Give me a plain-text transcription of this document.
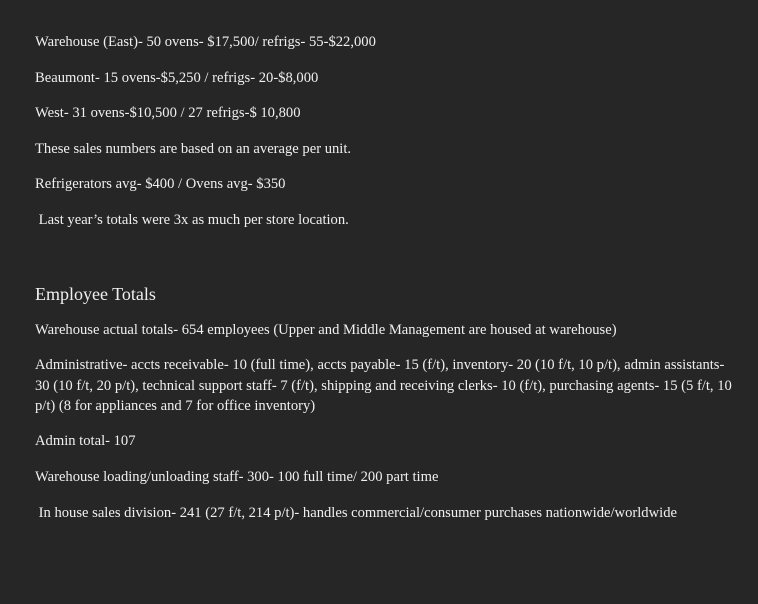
Warehouse (East)- 50 ovens- $17,500/ refrigs- 55-$22,000

Beaumont- 15 ovens-$5,250 / refrigs- 20-$8,000

West- 31 ovens-$10,500 / 27 refrigs-$ 10,800

These sales numbers are based on an average per unit.

Refrigerators avg- $400 / Ovens avg- $350

Last year’s totals were 3x as much per store location.

Employee Totals

Warehouse actual totals- 654 employees (Upper and Middle Management are housed at warehouse)

Administrative- accts receivable- 10 (full time), accts payable- 15 (f/t), inventory- 20 (10 f/t, 10 p/t), admin assistants- 30 (10 f/t, 20 p/t), technical support staff- 7 (f/t), shipping and receiving clerks- 10 (f/t), purchasing agents- 15 (5 f/t, 10 p/t) (8 for appliances and 7 for office inventory)

Admin total- 107

Warehouse loading/unloading staff- 300- 100 full time/ 200 part time

In house sales division- 241 (27 f/t, 214 p/t)- handles commercial/consumer purchases nationwide/worldwide
